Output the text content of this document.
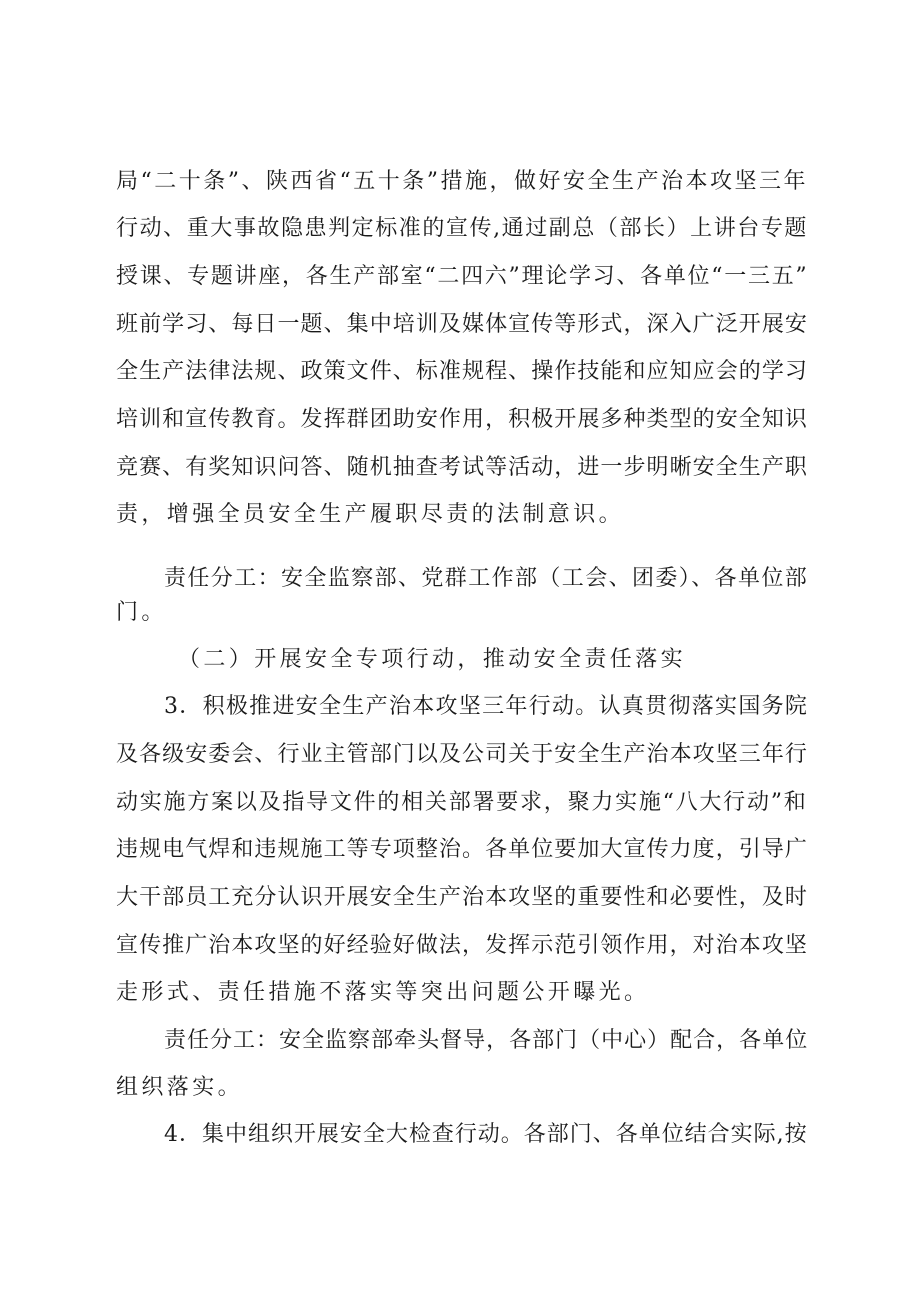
局“二十条”、陕西省“五十条”措施，做好安全生产治本攻坚三年
行动、重大事故隐患判定标准的宣传,通过副总（部长）上讲台专题
授课、专题讲座，各生产部室“二四六”理论学习、各单位“一三五”
班前学习、每日一题、集中培训及媒体宣传等形式，深入广泛开展安
全生产法律法规、政策文件、标准规程、操作技能和应知应会的学习
培训和宣传教育。发挥群团助安作用，积极开展多种类型的安全知识
竞赛、有奖知识问答、随机抽查考试等活动，进一步明晰安全生产职
责，增强全员安全生产履职尽责的法制意识。
责任分工：安全监察部、党群工作部（工会、团委）、各单位部
门。
（二）开展安全专项行动，推动安全责任落实
3．积极推进安全生产治本攻坚三年行动。认真贯彻落实国务院
及各级安委会、行业主管部门以及公司关于安全生产治本攻坚三年行
动实施方案以及指导文件的相关部署要求，聚力实施“八大行动”和
违规电气焊和违规施工等专项整治。各单位要加大宣传力度，引导广
大干部员工充分认识开展安全生产治本攻坚的重要性和必要性，及时
宣传推广治本攻坚的好经验好做法，发挥示范引领作用，对治本攻坚
走形式、责任措施不落实等突出问题公开曝光。
责任分工：安全监察部牵头督导，各部门（中心）配合，各单位
组织落实。
4．集中组织开展安全大检查行动。各部门、各单位结合实际,按
